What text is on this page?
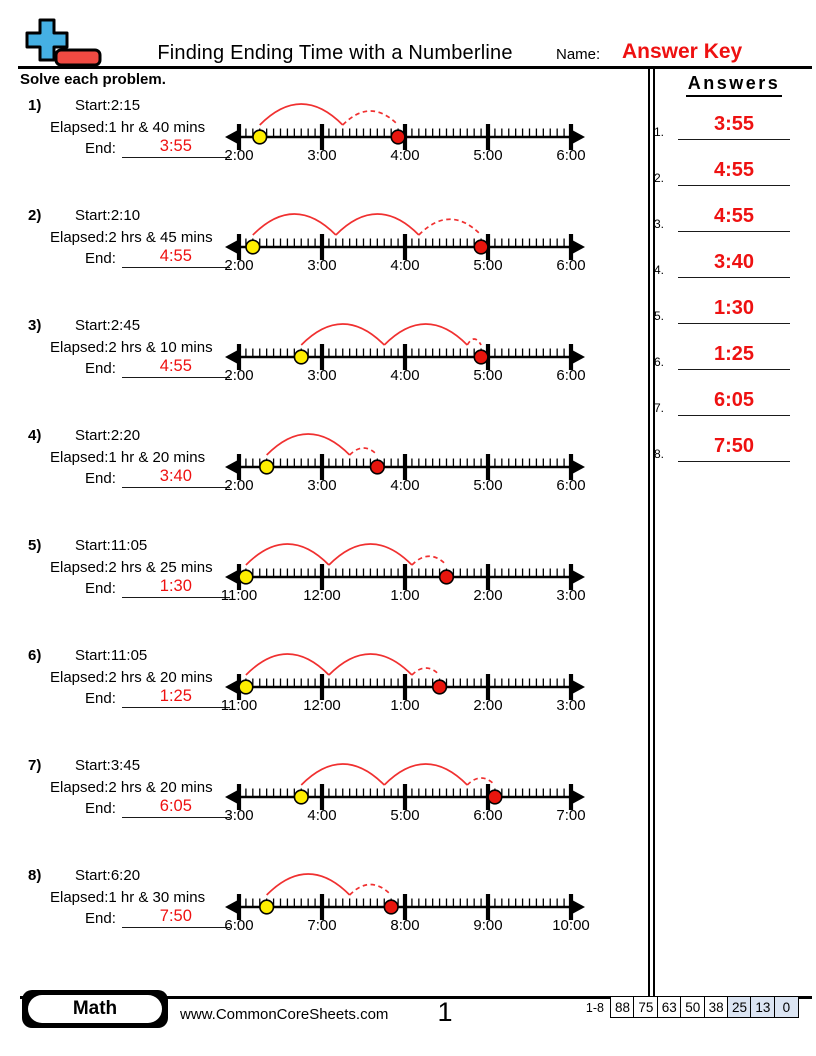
Finding Ending Time with a Numberline	Name: Answer Key
Solve each problem.	Answers
1. 3:55
2. 4:55
3. 4:55
4. 3:40
5. 1:30
6. 1:25
7. 6:05
8. 7:50
1) Start:2:15
Elapsed:1 hr & 40 mins
End:	3:55
2:00	3:00	4:00	5:00	6:00
2) Start:2:10
Elapsed:2 hrs & 45 mins
End:	4:55
2:00	3:00	4:00	5:00	6:00
3) Start:2:45
Elapsed:2 hrs & 10 mins
End:	4:55
2:00	3:00	4:00	5:00	6:00
4) Start:2:20
Elapsed:1 hr & 20 mins
End:	3:40
2:00	3:00	4:00	5:00	6:00
5) Start:11:05
Elapsed:2 hrs & 25 mins
End:	1:30
11:00	12:00	1:00	2:00	3:00
6) Start:11:05
Elapsed:2 hrs & 20 mins
End:	1:25
11:00	12:00	1:00	2:00	3:00
7) Start:3:45
Elapsed:2 hrs & 20 mins
End:	6:05
3:00	4:00	5:00	6:00	7:00
8) Start:6:20
Elapsed:1 hr & 30 mins
End:	7:50
6:00	7:00	8:00	9:00	10:00
Math	www.CommonCoreSheets.com	1	1-8 88 75 63 50 38 25 13 0
